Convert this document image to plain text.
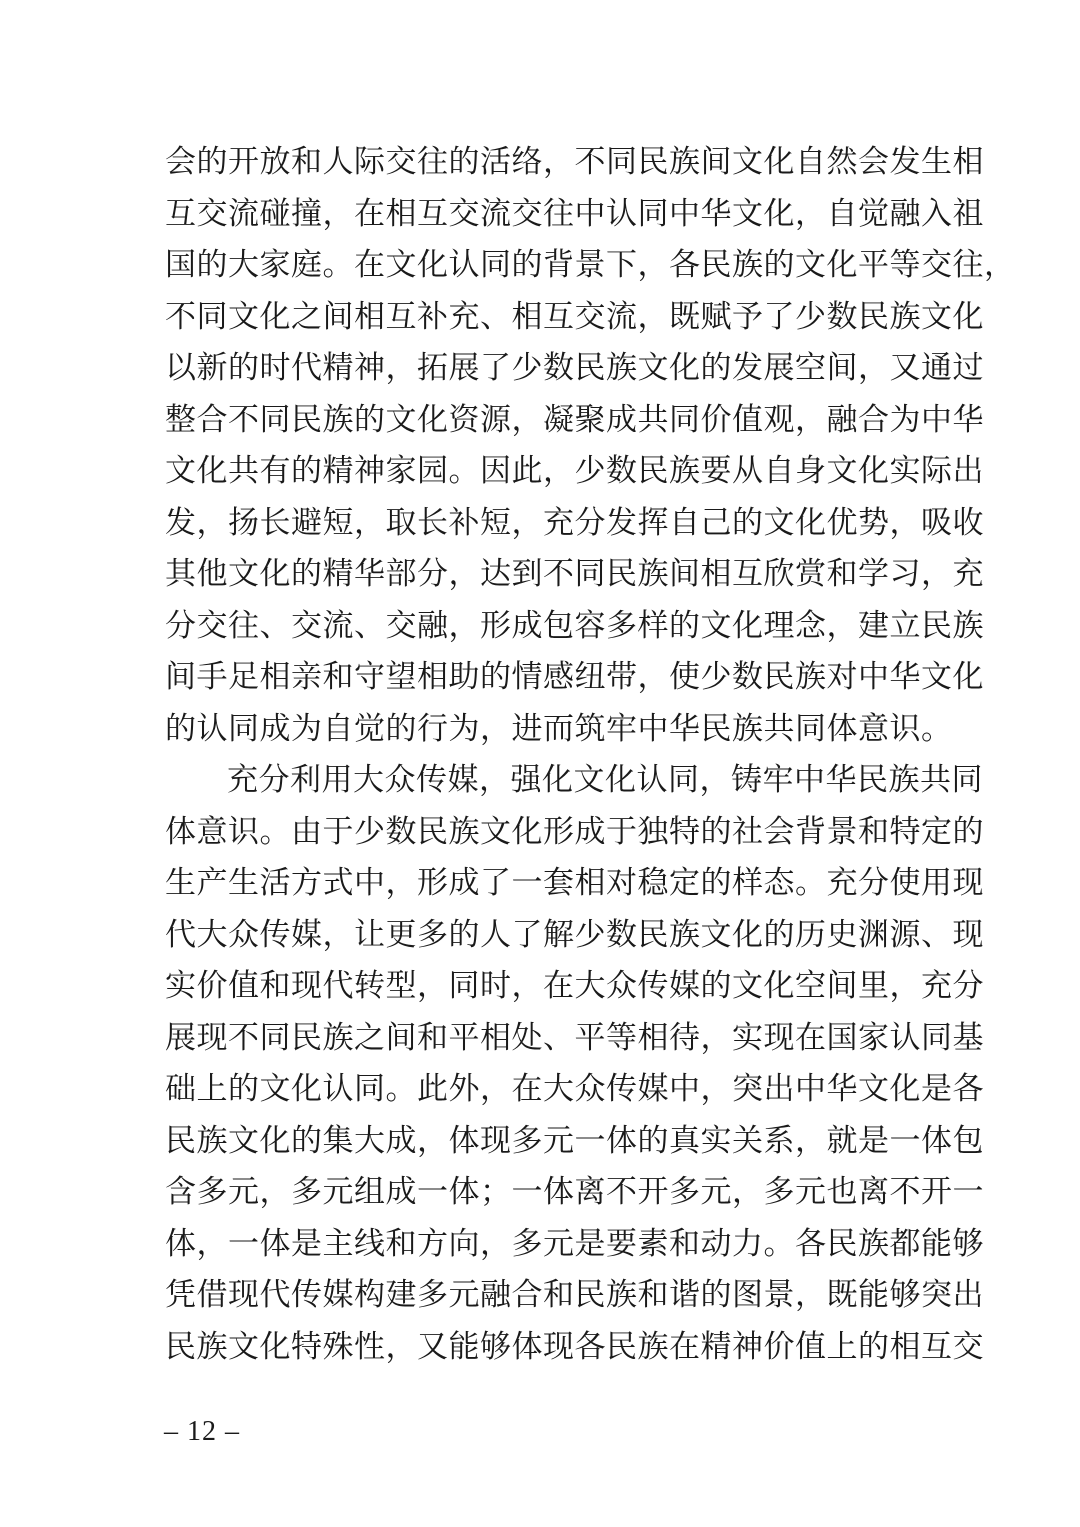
会的开放和人际交往的活络，不同民族间文化自然会发生相
互交流碰撞，在相互交流交往中认同中华文化，自觉融入祖
国的大家庭。在文化认同的背景下，各民族的文化平等交往，
不同文化之间相互补充、相互交流，既赋予了少数民族文化
以新的时代精神，拓展了少数民族文化的发展空间，又通过
整合不同民族的文化资源，凝聚成共同价值观，融合为中华
文化共有的精神家园。因此，少数民族要从自身文化实际出
发，扬长避短，取长补短，充分发挥自己的文化优势，吸收
其他文化的精华部分，达到不同民族间相互欣赏和学习，充
分交往、交流、交融，形成包容多样的文化理念，建立民族
间手足相亲和守望相助的情感纽带，使少数民族对中华文化
的认同成为自觉的行为，进而筑牢中华民族共同体意识。
充分利用大众传媒，强化文化认同，铸牢中华民族共同
体意识。由于少数民族文化形成于独特的社会背景和特定的
生产生活方式中，形成了一套相对稳定的样态。充分使用现
代大众传媒，让更多的人了解少数民族文化的历史渊源、现
实价值和现代转型，同时，在大众传媒的文化空间里，充分
展现不同民族之间和平相处、平等相待，实现在国家认同基
础上的文化认同。此外，在大众传媒中，突出中华文化是各
民族文化的集大成，体现多元一体的真实关系，就是一体包
含多元，多元组成一体；一体离不开多元，多元也离不开一
体，一体是主线和方向，多元是要素和动力。各民族都能够
凭借现代传媒构建多元融合和民族和谐的图景，既能够突出
民族文化特殊性，又能够体现各民族在精神价值上的相互交
– 12 –
